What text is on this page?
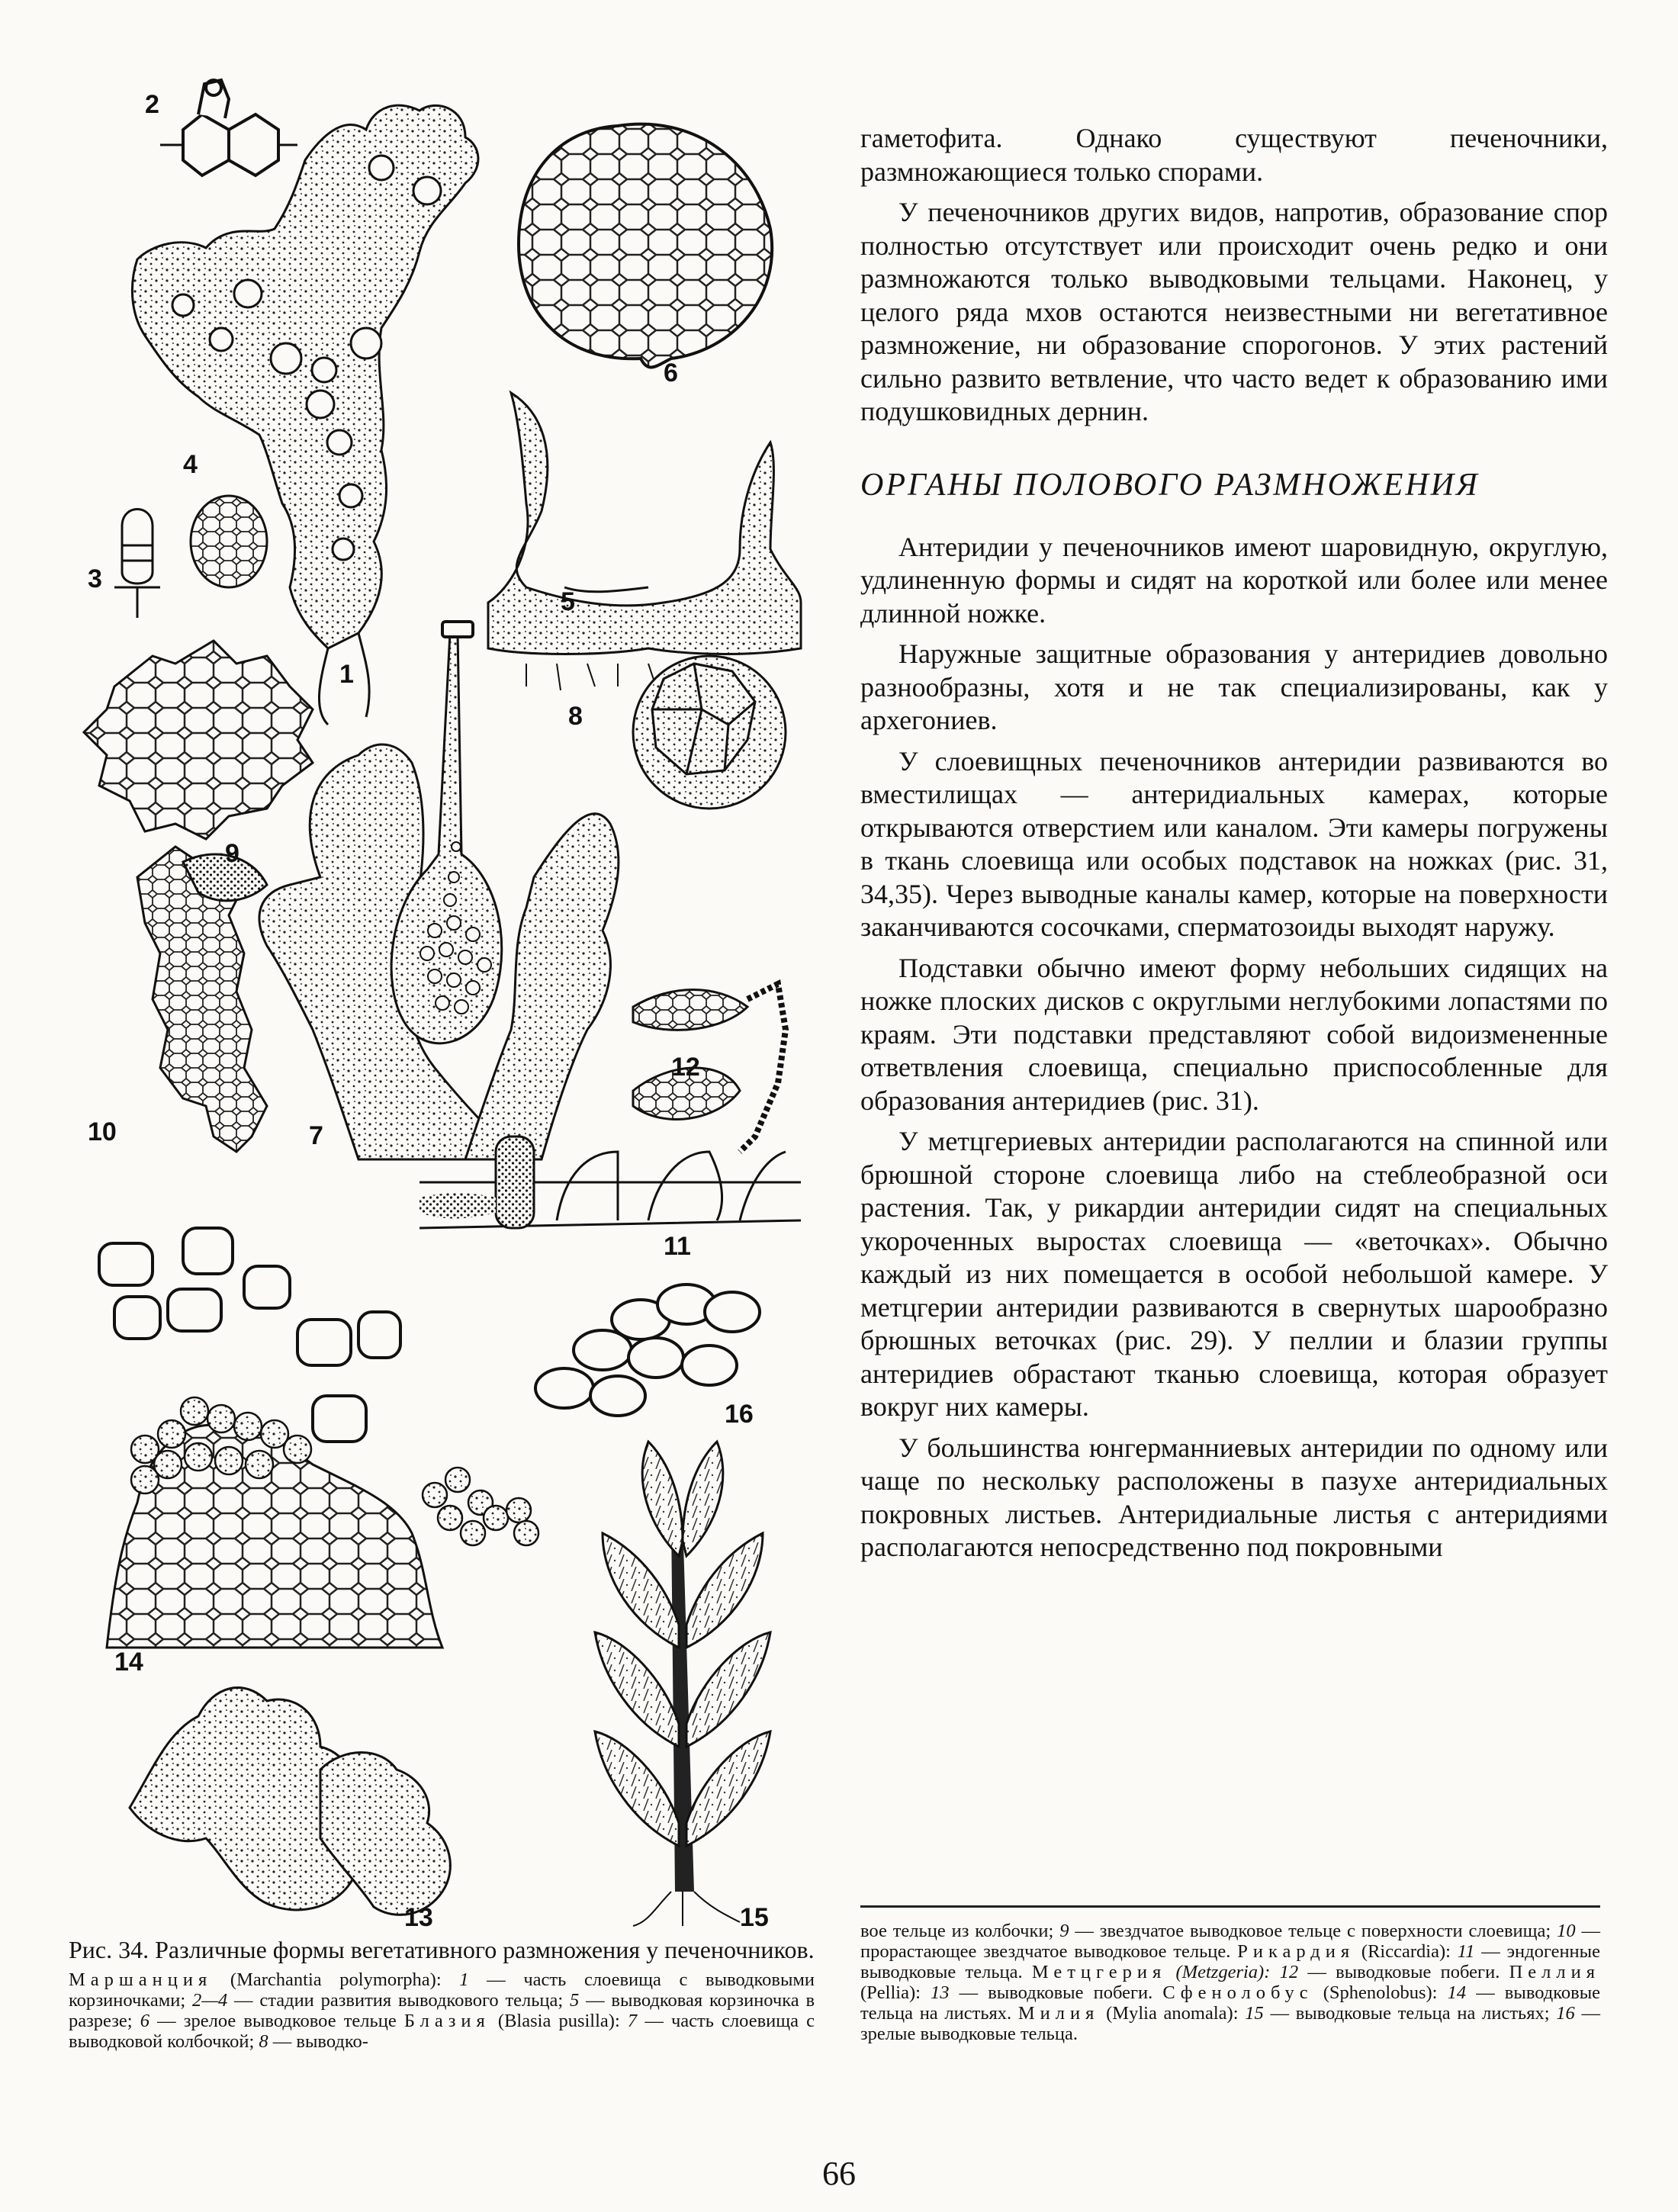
1
2
3
4
5
6
7
8
9
10
11
12
13
14
15
16

гаметофита. Однако существуют печеночники, размножающиеся только спорами.

У печеночников других видов, напротив, образование спор полностью отсутствует или происходит очень редко и они размножаются только выводковыми тельцами. Наконец, у целого ряда мхов остаются неизвестными ни вегетативное размножение, ни образование спорогонов. У этих растений сильно развито ветвление, что часто ведет к образованию ими подушковидных дернин.

ОРГАНЫ ПОЛОВОГО РАЗМНОЖЕНИЯ

Антеридии у печеночников имеют шаровидную, округлую, удлиненную формы и сидят на короткой или более или менее длинной ножке.

Наружные защитные образования у антеридиев довольно разнообразны, хотя и не так специализированы, как у архегониев.

У слоевищных печеночников антеридии развиваются во вместилищах — антеридиальных камерах, которые открываются отверстием или каналом. Эти камеры погружены в ткань слоевища или особых подставок на ножках (рис. 31, 34,35). Через выводные каналы камер, которые на поверхности заканчиваются сосочками, сперматозоиды выходят наружу.

Подставки обычно имеют форму небольших сидящих на ножке плоских дисков с округлыми неглубокими лопастями по краям. Эти подставки представляют собой видоизмененные ответвления слоевища, специально приспособленные для образования антеридиев (рис. 31).

У метцгериевых антеридии располагаются на спинной или брюшной стороне слоевища либо на стеблеобразной оси растения. Так, у рикардии антеридии сидят на специальных укороченных выростах слоевища — «веточках». Обычно каждый из них помещается в особой небольшой камере. У метцгерии антеридии развиваются в свернутых шарообразно брюшных веточках (рис. 29). У пеллии и блазии группы антеридиев обрастают тканью слоевища, которая образует вокруг них камеры.

У большинства юнгерманниевых антеридии по одному или чаще по нескольку расположены в пазухе антеридиальных покровных листьев. Антеридиальные листья с антеридиями располагаются непосредственно под покровными

Рис. 34. Различные формы вегетативного размножения у печеночников.

Маршанция (Marchantia polymorpha): 1 — часть слоевища с выводковыми корзиночками; 2—4 — стадии развития выводкового тельца; 5 — выводковая корзиночка в разрезе; 6 — зрелое выводковое тельце Блазия (Blasia pusilla): 7 — часть слоевища с выводковой колбочкой; 8 — выводко-

вое тельце из колбочки; 9 — звездчатое выводковое тельце с поверхности слоевища; 10 — прорастающее звездчатое выводковое тельце. Рикардия (Riccardia): 11 — эндогенные выводковые тельца. Метцгерия (Metzgeria): 12 — выводковые побеги. Пеллия (Pellia): 13 — выводковые побеги. Сфенолобус (Sphenolobus): 14 — выводковые тельца на листьях. Милия (Mylia anomala): 15 — выводковые тельца на листьях; 16 — зрелые выводковые тельца.

66
